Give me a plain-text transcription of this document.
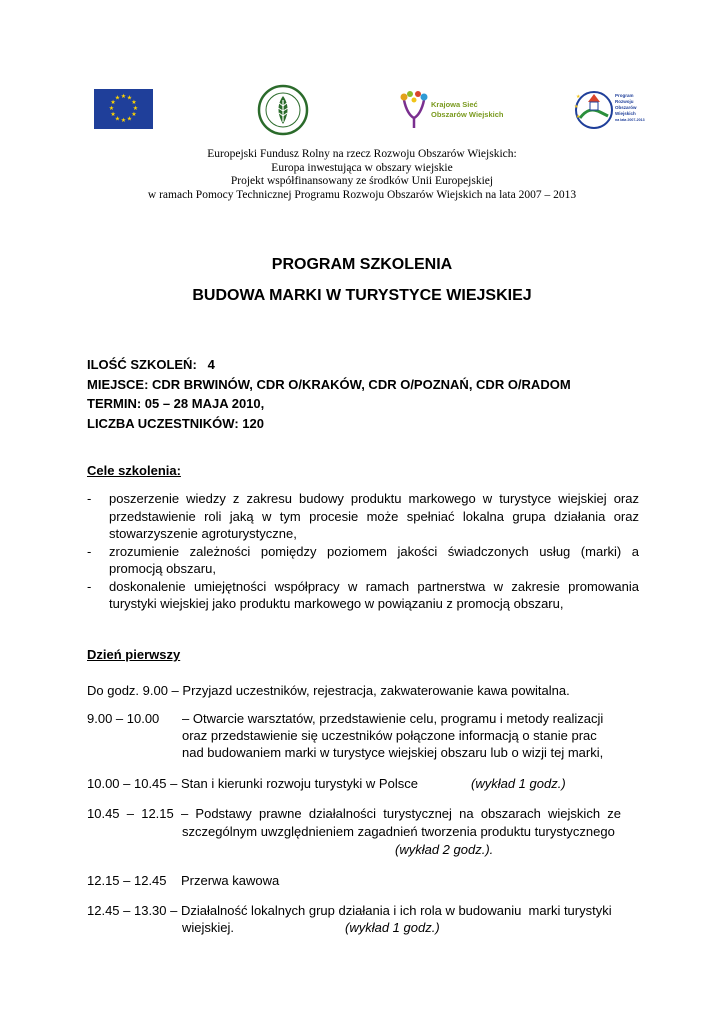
★ ★
★
★
★
★
★
★
★
★
★
★
Krajowa Sieć
Obszarów Wiejskich
★
★
★
Program
Rozwoju
Obszarów
Wiejskich
na lata 2007-2013
Europejski Fundusz Rolny na rzecz Rozwoju Obszarów Wiejskich:
Europa inwestująca w obszary wiejskie
Projekt współfinansowany ze środków Unii Europejskiej
w ramach Pomocy Technicznej Programu Rozwoju Obszarów Wiejskich na lata 2007 – 2013
PROGRAM SZKOLENIA
BUDOWA MARKI W TURYSTYCE WIEJSKIEJ
ILOŚĆ SZKOLEŃ: 4
MIEJSCE: CDR BRWINÓW, CDR O/KRAKÓW, CDR O/POZNAŃ, CDR O/RADOM
TERMIN: 05 – 28 MAJA 2010,
LICZBA UCZESTNIKÓW: 120
Cele szkolenia:
- poszerzenie wiedzy z zakresu budowy produktu markowego w turystyce wiejskiej oraz przedstawienie roli jaką w tym procesie może spełniać lokalna grupa działania oraz stowarzyszenie agroturystyczne,
- zrozumienie zależności pomiędzy poziomem jakości świadczonych usług (marki) a promocją obszaru,
- doskonalenie umiejętności współpracy w ramach partnerstwa w zakresie promowania turystyki wiejskiej jako produktu markowego w powiązaniu z promocją obszaru,
Dzień pierwszy
Do godz. 9.00 – Przyjazd uczestników, rejestracja, zakwaterowanie kawa powitalna.
9.00 – 10.00 – Otwarcie warsztatów, przedstawienie celu, programu i metody realizacji
oraz przedstawienie się uczestników połączone informacją o stanie prac
nad budowaniem marki w turystyce wiejskiej obszaru lub o wizji tej marki,
10.00 – 10.45 – Stan i kierunki rozwoju turystyki w Polsce	(wykład 1 godz.)
10.45  –  12.15  –  Podstawy  prawne  działalności  turystycznej  na  obszarach  wiejskich  ze
szczególnym uwzględnieniem zagadnień tworzenia produktu turystycznego
(wykład 2 godz.).
12.15 – 12.45    Przerwa kawowa
12.45 – 13.30 – Działalność lokalnych grup działania i ich rola w budowaniu  marki turystyki
wiejskiej.	(wykład 1 godz.)
